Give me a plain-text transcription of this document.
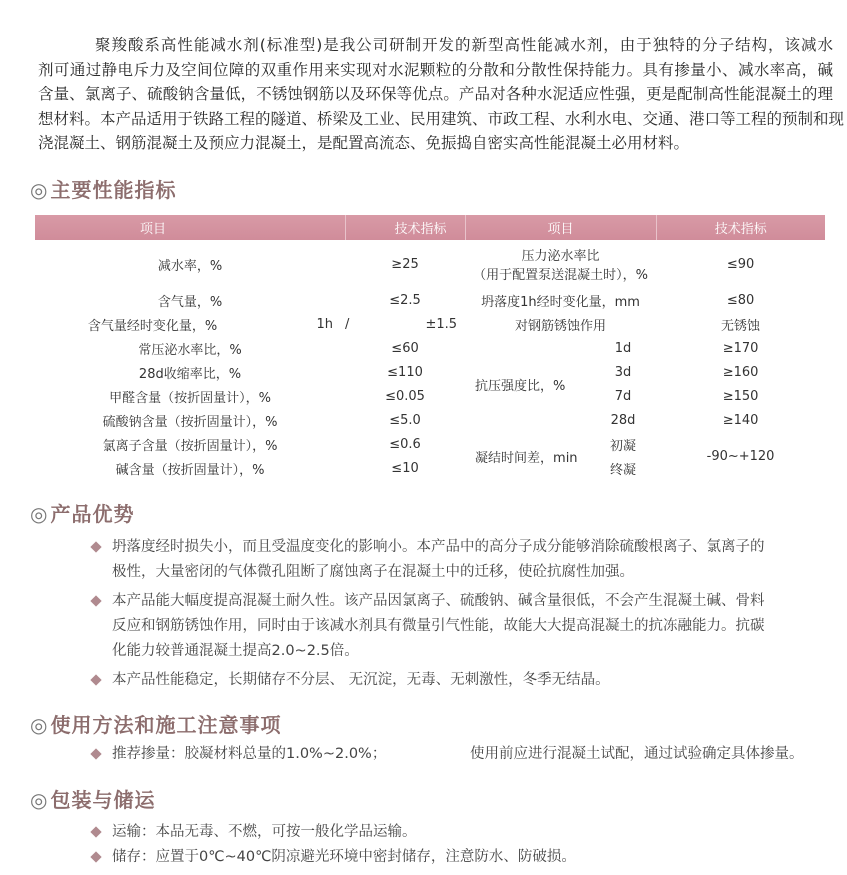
聚羧酸系高性能减水剂(标准型)是我公司研制开发的新型高性能减水剂，由于独特的分子结构，该减水
剂可通过静电斥力及空间位障的双重作用来实现对水泥颗粒的分散和分散性保持能力。具有掺量小、减水率高，碱
含量、氯离子、硫酸钠含量低，不锈蚀钢筋以及环保等优点。产品对各种水泥适应性强，更是配制高性能混凝土的理
想材料。本产品适用于铁路工程的隧道、桥梁及工业、民用建筑、市政工程、水利水电、交通、港口等工程的预制和现
浇混凝土、钢筋混凝土及预应力混凝土，是配置高流态、免振捣自密实高性能混凝土必用材料。
◎ 主要性能指标
项目		技术指标		项目		技术指标
减水率，%		≥25		压力泌水率比
（用于配置泵送混凝土时），%		≤90
含气量，%		≤2.5		坍落度1h经时变化量，mm		≤80
含气量经时变化量，%	1h	/	±1.5	对钢筋锈蚀作用		无锈蚀
常压泌水率比，%		≤60		抗压强度比，%	1d	≥170
28d收缩率比，%		≤110			3d	≥160
甲醛含量（按折固量计），%		≤0.05			7d	≥150
硫酸钠含量（按折固量计），%		≤5.0			28d	≥140
氯离子含量（按折固量计），%		≤0.6		凝结时间差，min	初凝	-90~+120
碱含量（按折固量计），%		≤10			终凝	
◎ 产品优势
坍落度经时损失小，而且受温度变化的影响小。本产品中的高分子成分能够消除硫酸根离子、氯离子的
极性，大量密闭的气体微孔阻断了腐蚀离子在混凝土中的迁移，使砼抗腐性加强。
本产品能大幅度提高混凝土耐久性。该产品因氯离子、硫酸钠、碱含量很低，不会产生混凝土碱、骨料
反应和钢筋锈蚀作用，同时由于该减水剂具有微量引气性能，故能大大提高混凝土的抗冻融能力。抗碳
化能力较普通混凝土提高2.0~2.5倍。
本产品性能稳定，长期储存不分层、 无沉淀，无毒、无刺激性，冬季无结晶。
◎ 使用方法和施工注意事项
推荐掺量：胶凝材料总量的1.0%~2.0%；	使用前应进行混凝土试配，通过试验确定具体掺量。
◎ 包装与储运
运输：本品无毒、不燃，可按一般化学品运输。
储存：应置于0℃~40℃阴凉避光环境中密封储存，注意防水、防破损。
